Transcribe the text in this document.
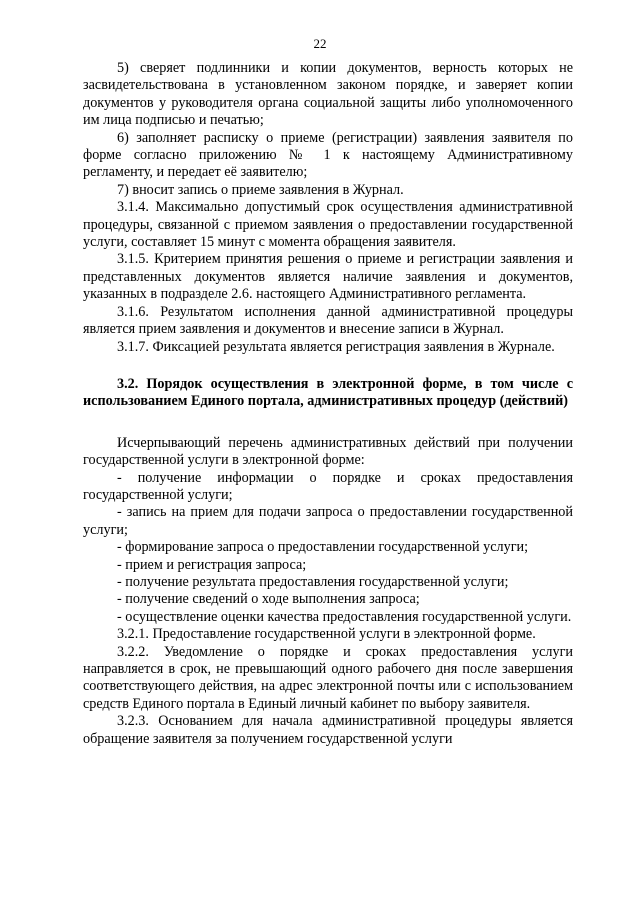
22

5) сверяет подлинники и копии документов, верность которых не засвидетельствована в установленном законом порядке, и заверяет копии документов у руководителя органа социальной защиты либо уполномоченного им лица подписью и печатью;

6) заполняет расписку о приеме (регистрации) заявления заявителя по форме согласно приложению № 1 к настоящему Административному регламенту, и передает её заявителю;

7) вносит запись о приеме заявления в Журнал.

3.1.4. Максимально допустимый срок осуществления административной процедуры, связанной с приемом заявления о предоставлении государственной услуги, составляет 15 минут с момента обращения заявителя.

3.1.5. Критерием принятия решения о приеме и регистрации заявления и представленных документов является наличие заявления и документов, указанных в подразделе 2.6. настоящего Административного регламента.

3.1.6. Результатом исполнения данной административной процедуры является прием заявления и документов и внесение записи в Журнал.

3.1.7. Фиксацией результата является регистрация заявления в Журнале.

3.2. Порядок осуществления в электронной форме, в том числе с использованием Единого портала, административных процедур (действий)

Исчерпывающий перечень административных действий при получении государственной услуги в электронной форме:

- получение информации о порядке и сроках предоставления государственной услуги;

- запись на прием для подачи запроса о предоставлении государственной услуги;

- формирование запроса о предоставлении государственной услуги;

- прием и регистрация запроса;

- получение результата предоставления государственной услуги;

- получение сведений о ходе выполнения запроса;

- осуществление оценки качества предоставления государственной услуги.

3.2.1. Предоставление государственной услуги в электронной форме.

3.2.2. Уведомление о порядке и сроках предоставления услуги направляется в срок, не превышающий одного рабочего дня после завершения соответствующего действия, на адрес электронной почты или с использованием средств Единого портала в Единый личный кабинет по выбору заявителя.

3.2.3. Основанием для начала административной процедуры является обращение заявителя за получением государственной услуги
